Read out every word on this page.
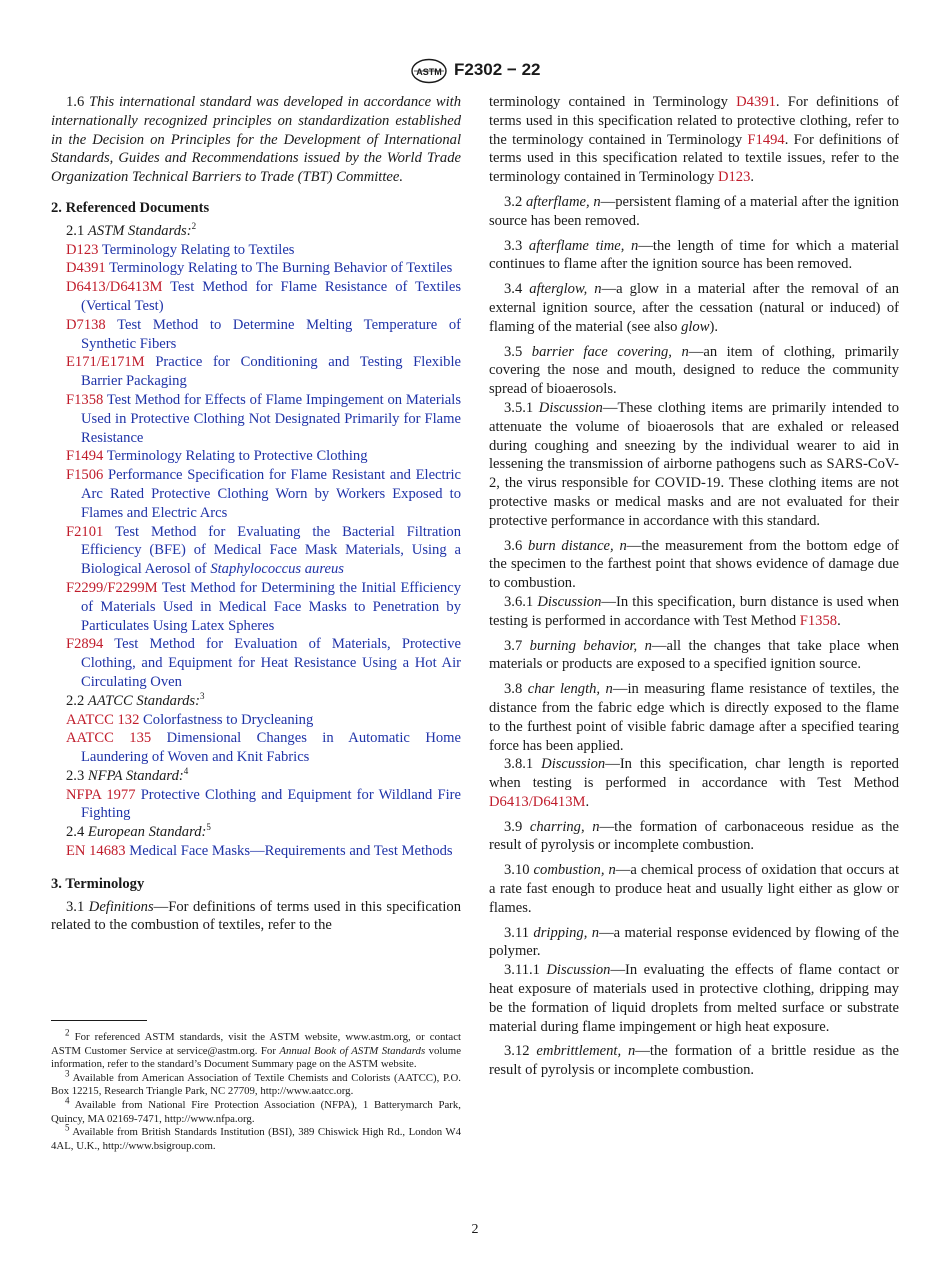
ASTM F2302 − 22

1.6 This international standard was developed in accordance with internationally recognized principles on standardization established in the Decision on Principles for the Development of International Standards, Guides and Recommendations issued by the World Trade Organization Technical Barriers to Trade (TBT) Committee.

2. Referenced Documents

2.1 ASTM Standards:$^2$

D123 Terminology Relating to Textiles

D4391 Terminology Relating to The Burning Behavior of Textiles

D6413/D6413M Test Method for Flame Resistance of Textiles (Vertical Test)

D7138 Test Method to Determine Melting Temperature of Synthetic Fibers

E171/E171M Practice for Conditioning and Testing Flexible Barrier Packaging

F1358 Test Method for Effects of Flame Impingement on Materials Used in Protective Clothing Not Designated Primarily for Flame Resistance

F1494 Terminology Relating to Protective Clothing

F1506 Performance Specification for Flame Resistant and Electric Arc Rated Protective Clothing Worn by Workers Exposed to Flames and Electric Arcs

F2101 Test Method for Evaluating the Bacterial Filtration Efficiency (BFE) of Medical Face Mask Materials, Using a Biological Aerosol of Staphylococcus aureus

F2299/F2299M Test Method for Determining the Initial Efficiency of Materials Used in Medical Face Masks to Penetration by Particulates Using Latex Spheres

F2894 Test Method for Evaluation of Materials, Protective Clothing, and Equipment for Heat Resistance Using a Hot Air Circulating Oven

2.2 AATCC Standards:$^3$

AATCC 132 Colorfastness to Drycleaning

AATCC 135 Dimensional Changes in Automatic Home Laundering of Woven and Knit Fabrics

2.3 NFPA Standard:$^4$

NFPA 1977 Protective Clothing and Equipment for Wildland Fire Fighting

2.4 European Standard:$^5$

EN 14683 Medical Face Masks—Requirements and Test Methods

3. Terminology

3.1 Definitions—For definitions of terms used in this specification related to the combustion of textiles, refer to the

terminology contained in Terminology D4391. For definitions of terms used in this specification related to protective clothing, refer to the terminology contained in Terminology F1494. For definitions of terms used in this specification related to textile issues, refer to the terminology contained in Terminology D123.

3.2 afterflame, n—persistent flaming of a material after the ignition source has been removed.

3.3 afterflame time, n—the length of time for which a material continues to flame after the ignition source has been removed.

3.4 afterglow, n—a glow in a material after the removal of an external ignition source, after the cessation (natural or induced) of flaming of the material (see also glow).

3.5 barrier face covering, n—an item of clothing, primarily covering the nose and mouth, designed to reduce the community spread of bioaerosols.

3.5.1 Discussion—These clothing items are primarily intended to attenuate the volume of bioaerosols that are exhaled or released during coughing and sneezing by the individual wearer to aid in lessening the transmission of airborne pathogens such as SARS-CoV-2, the virus responsible for COVID-19. These clothing items are not protective masks or medical masks and are not evaluated for their protective performance in accordance with this standard.

3.6 burn distance, n—the measurement from the bottom edge of the specimen to the farthest point that shows evidence of damage due to combustion.

3.6.1 Discussion—In this specification, burn distance is used when testing is performed in accordance with Test Method F1358.

3.7 burning behavior, n—all the changes that take place when materials or products are exposed to a specified ignition source.

3.8 char length, n—in measuring flame resistance of textiles, the distance from the fabric edge which is directly exposed to the flame to the furthest point of visible fabric damage after a specified tearing force has been applied.

3.8.1 Discussion—In this specification, char length is reported when testing is performed in accordance with Test Method D6413/D6413M.

3.9 charring, n—the formation of carbonaceous residue as the result of pyrolysis or incomplete combustion.

3.10 combustion, n—a chemical process of oxidation that occurs at a rate fast enough to produce heat and usually light either as glow or flames.

3.11 dripping, n—a material response evidenced by flowing of the polymer.

3.11.1 Discussion—In evaluating the effects of flame contact or heat exposure of materials used in protective clothing, dripping may be the formation of liquid droplets from melted surface or substrate material during flame impingement or high heat exposure.

3.12 embrittlement, n—the formation of a brittle residue as the result of pyrolysis or incomplete combustion.

$^2$ For referenced ASTM standards, visit the ASTM website, www.astm.org, or contact ASTM Customer Service at service@astm.org. For Annual Book of ASTM Standards volume information, refer to the standard’s Document Summary page on the ASTM website.

$^3$ Available from American Association of Textile Chemists and Colorists (AATCC), P.O. Box 12215, Research Triangle Park, NC 27709, http://www.aatcc.org.

$^4$ Available from National Fire Protection Association (NFPA), 1 Batterymarch Park, Quincy, MA 02169-7471, http://www.nfpa.org.

$^5$ Available from British Standards Institution (BSI), 389 Chiswick High Rd., London W4 4AL, U.K., http://www.bsigroup.com.

2
